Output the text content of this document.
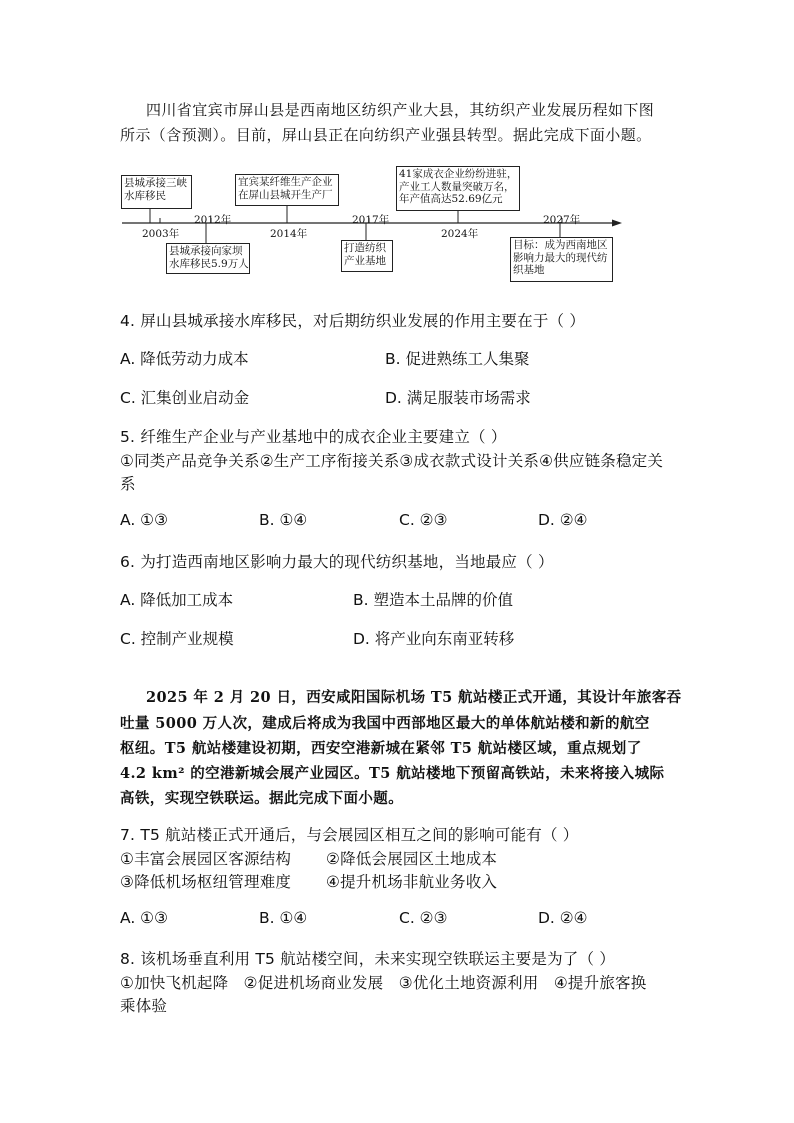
四川省宜宾市屏山县是西南地区纺织产业大县，其纺织产业发展历程如下图
所示（含预测）。目前，屏山县正在向纺织产业强县转型。据此完成下面小题。
2003年
2012年
2014年
2017年
2024年
2027年
县城承接三峡
水库移民
县城承接向家坝
水库移民5.9万人
宜宾某纤维生产企业
在屏山县城开生产厂
打造纺织
产业基地
41家成衣企业纷纷进驻，
产业工人数量突破万名，
年产值高达52.69亿元
目标：成为西南地区
影响力最大的现代纺
织基地
4. 屏山县城承接水库移民，对后期纺织业发展的作用主要在于（ ）
A. 降低劳动力成本	B. 促进熟练工人集聚
C. 汇集创业启动金	D. 满足服装市场需求
5. 纤维生产企业与产业基地中的成衣企业主要建立（ ）
①同类产品竞争关系②生产工序衔接关系③成衣款式设计关系④供应链条稳定关
系
A. ①③	B. ①④	C. ②③	D. ②④
6. 为打造西南地区影响力最大的现代纺织基地，当地最应（ ）
A. 降低加工成本	B. 塑造本土品牌的价值
C. 控制产业规模	D. 将产业向东南亚转移
2025 年 2 月 20 日，西安咸阳国际机场 T5 航站楼正式开通，其设计年旅客吞
吐量 5000 万人次，建成后将成为我国中西部地区最大的单体航站楼和新的航空
枢纽。T5 航站楼建设初期，西安空港新城在紧邻 T5 航站楼区域，重点规划了
4.2 km² 的空港新城会展产业园区。T5 航站楼地下预留高铁站，未来将接入城际
高铁，实现空铁联运。据此完成下面小题。
7. T5 航站楼正式开通后，与会展园区相互之间的影响可能有（ ）
①丰富会展园区客源结构 ②降低会展园区土地成本
③降低机场枢纽管理难度 ④提升机场非航业务收入
A. ①③	B. ①④	C. ②③	D. ②④
8. 该机场垂直利用 T5 航站楼空间，未来实现空铁联运主要是为了（ ）
①加快飞机起降   ②促进机场商业发展   ③优化土地资源利用   ④提升旅客换
乘体验
